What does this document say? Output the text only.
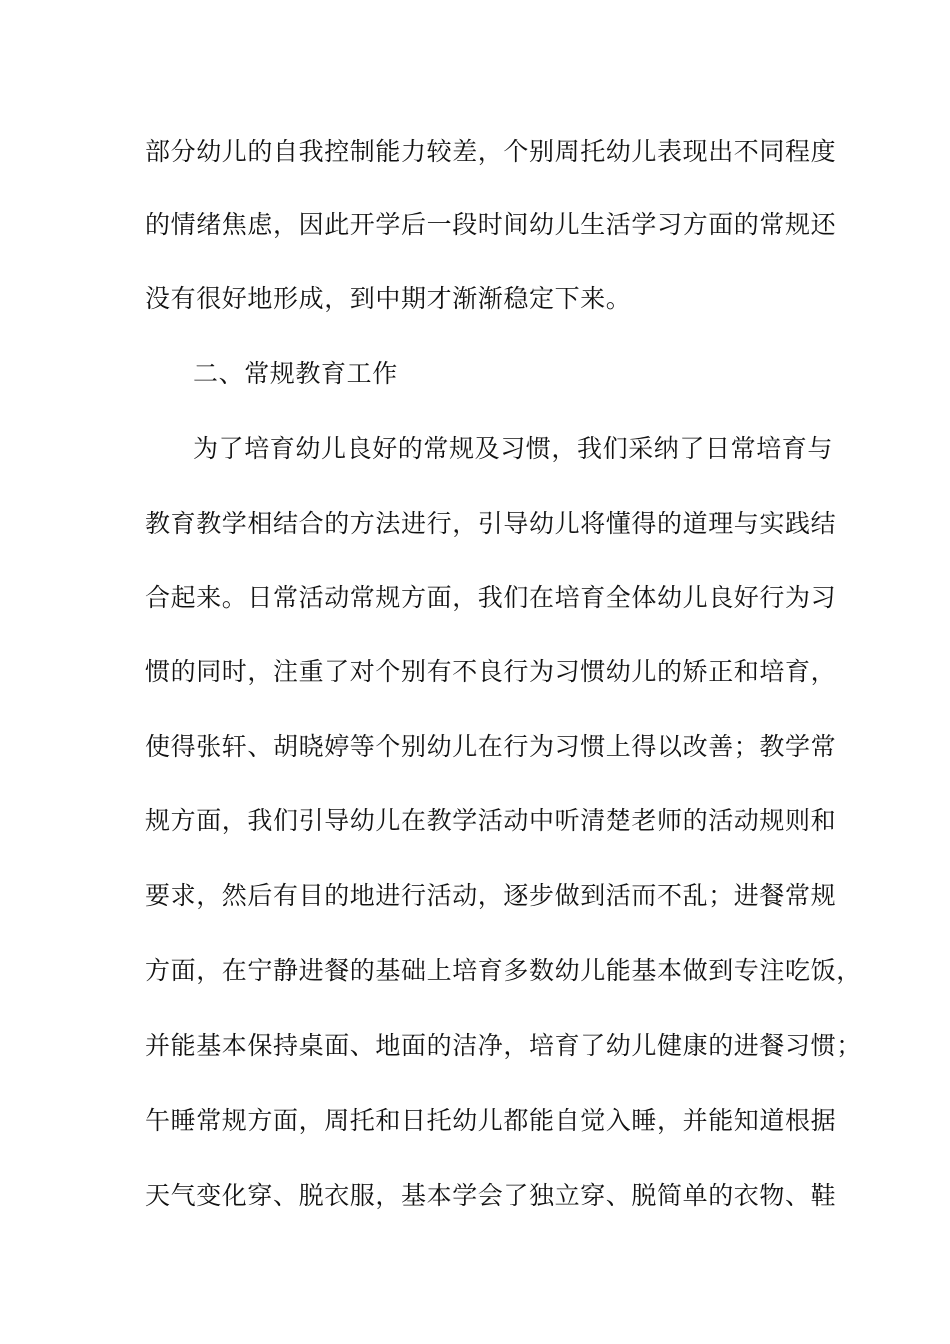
部分幼儿的自我控制能力较差，个别周托幼儿表现出不同程度
的情绪焦虑，因此开学后一段时间幼儿生活学习方面的常规还
没有很好地形成，到中期才渐渐稳定下来。
二、常规教育工作
为了培育幼儿良好的常规及习惯，我们采纳了日常培育与
教育教学相结合的方法进行，引导幼儿将懂得的道理与实践结
合起来。日常活动常规方面，我们在培育全体幼儿良好行为习
惯的同时，注重了对个别有不良行为习惯幼儿的矫正和培育，
使得张轩、胡晓婷等个别幼儿在行为习惯上得以改善；教学常
规方面，我们引导幼儿在教学活动中听清楚老师的活动规则和
要求，然后有目的地进行活动，逐步做到活而不乱；进餐常规
方面，在宁静进餐的基础上培育多数幼儿能基本做到专注吃饭，
并能基本保持桌面、地面的洁净，培育了幼儿健康的进餐习惯；
午睡常规方面，周托和日托幼儿都能自觉入睡，并能知道根据
天气变化穿、脱衣服，基本学会了独立穿、脱简单的衣物、鞋
